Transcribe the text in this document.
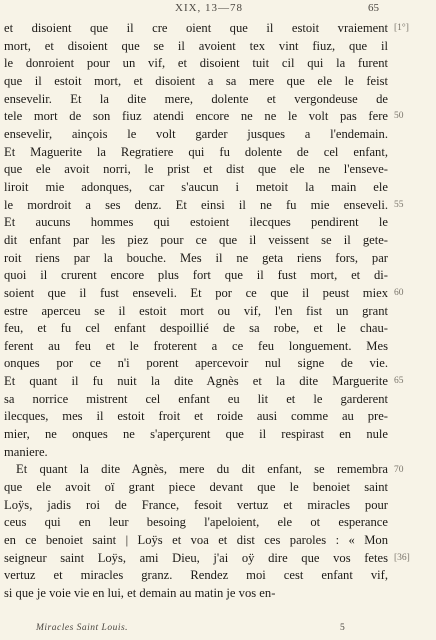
XIX, 13—78	65
et disoient que il cre oient que il estoit vraiement
mort, et disoient que se il avoient tex vint fiuz, que il
le donroient pour un vif, et disoient tuit cil qui la furent
que il estoit mort, et disoient a sa mere que ele le feist
ensevelir. Et la dite mere, dolente et vergondeuse de
tele mort de son fiuz atendi encore ne ne le volt pas fere
ensevelir, ainçois le volt garder jusques a l'endemain.
Et Maguerite la Regratiere qui fu dolente de cel enfant,
que ele avoit norri, le prist et dist que ele ne l'enseve-
liroit mie adonques, car s'aucun i metoit la main ele
le mordroit a ses denz. Et einsi il ne fu mie enseveli.
Et aucuns hommes qui estoient ilecques pendirent le
dit enfant par les piez pour ce que il veissent se il gete-
roit riens par la bouche. Mes il ne geta riens fors, par
quoi il crurent encore plus fort que il fust mort, et di-
soient que il fust enseveli. Et por ce que il peust miex
estre aperceu se il estoit mort ou vif, l'en fist un grant
feu, et fu cel enfant despoillié de sa robe, et le chau-
ferent au feu et le froterent a ce feu longuement. Mes
onques por ce n'i porent apercevoir nul signe de vie.
Et quant il fu nuit la dite Agnès et la dite Marguerite
sa norrice mistrent cel enfant eu lit et le garderent
ilecques, mes il estoit froit et roide ausi comme au pre-
mier, ne onques ne s'aperçurent que il respirast en nule
maniere.
Et quant la dite Agnès, mere du dit enfant, se remembra
que ele avoit oï grant piece devant que le benoiet saint
Loÿs, jadis roi de France, fesoit vertuz et miracles pour
ceus qui en leur besoing l'apeloient, ele ot esperance
en ce benoiet saint | Loÿs et voa et dist ces paroles : « Mon
seigneur saint Loÿs, ami Dieu, j'ai oÿ dire que vos fetes
vertuz et miracles granz. Rendez moi cest enfant vif,
si que je voie vie en lui, et demain au matin je vos en-
[1°]
50
55
60
65
70
[36]
Miracles Saint Louis.	5
